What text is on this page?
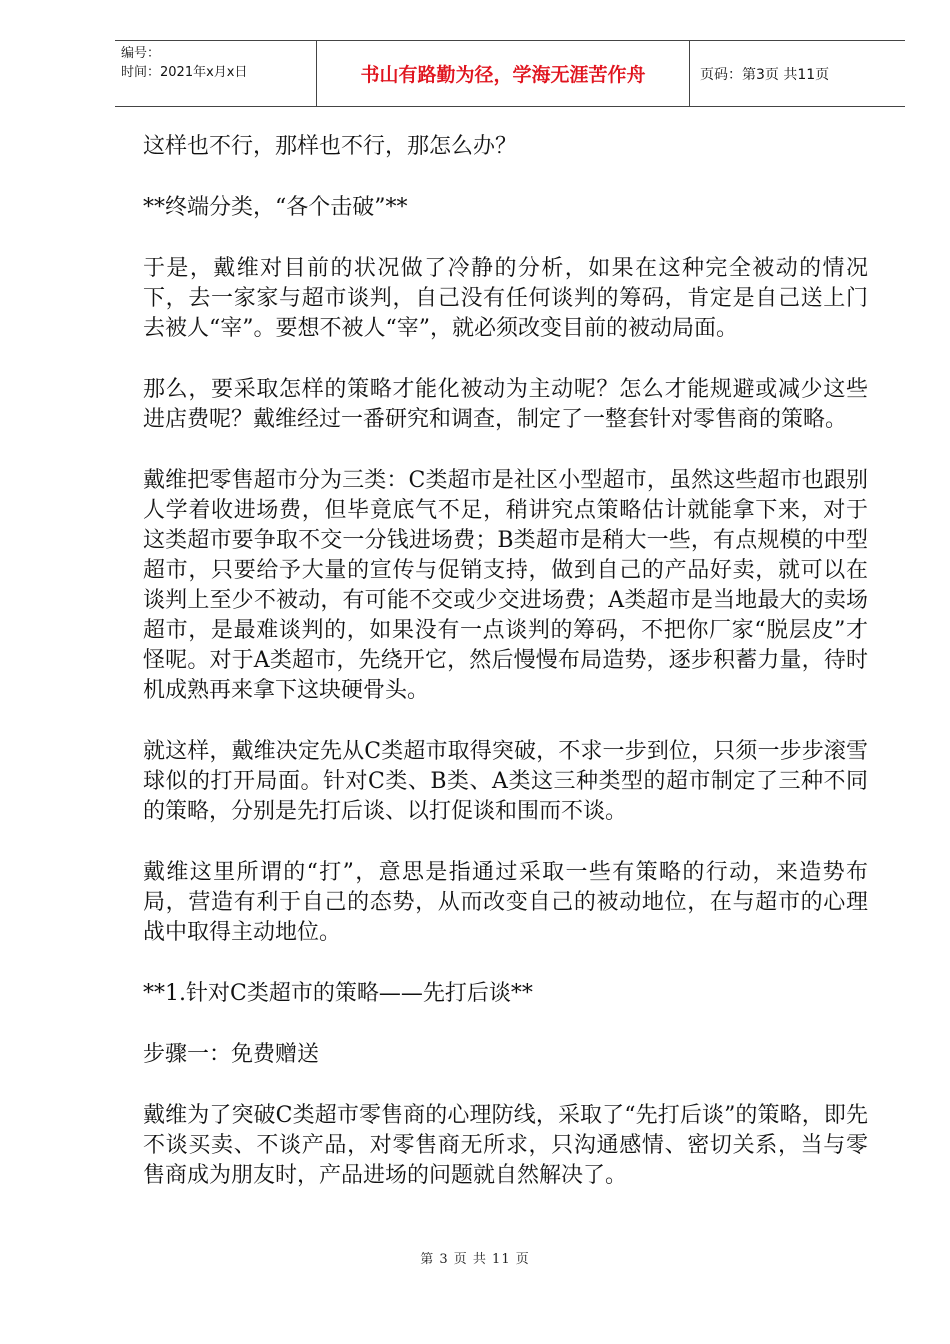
编号：
时间：2021年x月x日	书山有路勤为径，学海无涯苦作舟	页码：第3页 共11页

这样也不行，那样也不行，那怎么办？

**终端分类，“各个击破”**

于是，戴维对目前的状况做了冷静的分析，如果在这种完全被动的情况下，去一家家与超市谈判，自己没有任何谈判的筹码，肯定是自己送上门去被人“宰”。要想不被人“宰”，就必须改变目前的被动局面。

那么，要采取怎样的策略才能化被动为主动呢？怎么才能规避或减少这些进店费呢？戴维经过一番研究和调查，制定了一整套针对零售商的策略。

戴维把零售超市分为三类：C类超市是社区小型超市，虽然这些超市也跟别人学着收进场费，但毕竟底气不足，稍讲究点策略估计就能拿下来，对于这类超市要争取不交一分钱进场费；B类超市是稍大一些，有点规模的中型超市，只要给予大量的宣传与促销支持，做到自己的产品好卖，就可以在谈判上至少不被动，有可能不交或少交进场费；A类超市是当地最大的卖场超市，是最难谈判的，如果没有一点谈判的筹码，不把你厂家“脱层皮”才怪呢。对于A类超市，先绕开它，然后慢慢布局造势，逐步积蓄力量，待时机成熟再来拿下这块硬骨头。

就这样，戴维决定先从C类超市取得突破，不求一步到位，只须一步步滚雪球似的打开局面。针对C类、B类、A类这三种类型的超市制定了三种不同的策略，分别是先打后谈、以打促谈和围而不谈。

戴维这里所谓的“打”，意思是指通过采取一些有策略的行动，来造势布局，营造有利于自己的态势，从而改变自己的被动地位，在与超市的心理战中取得主动地位。

**1.针对C类超市的策略——先打后谈**

步骤一：免费赠送

戴维为了突破C类超市零售商的心理防线，采取了“先打后谈”的策略，即先不谈买卖、不谈产品，对零售商无所求，只沟通感情、密切关系，当与零售商成为朋友时，产品进场的问题就自然解决了。

第 3 页 共 11 页
